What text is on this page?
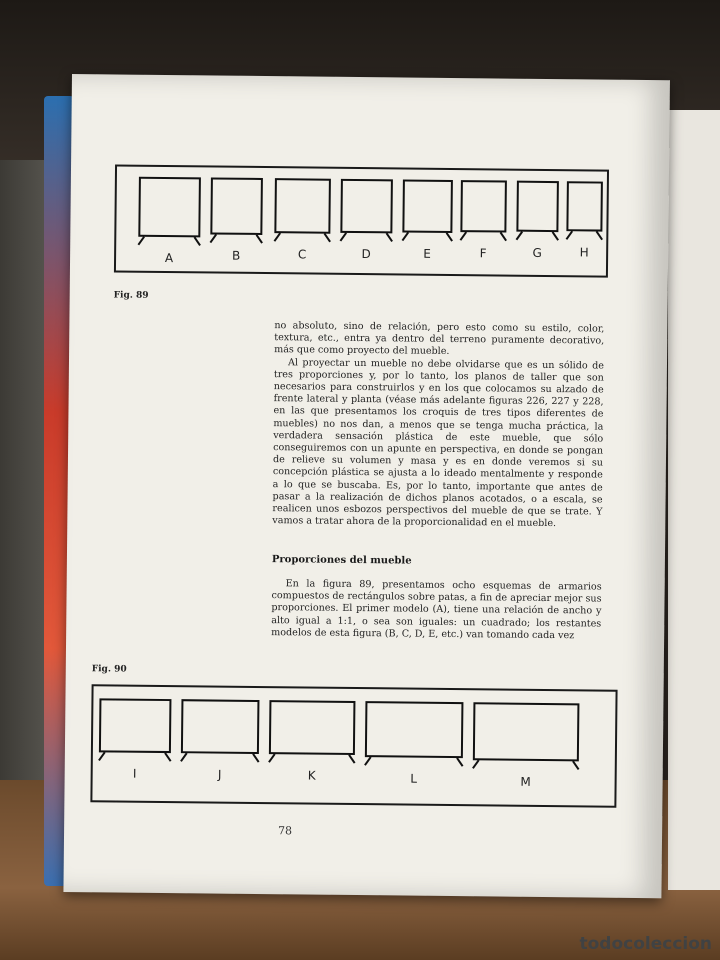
A	B	C	D	E	F	G	H
Fig. 89

no absoluto, sino de relación, pero esto como su estilo, color, textura, etc., entra ya dentro del terreno puramente decorativo, más que como proyecto del mueble.

Al proyectar un mueble no debe olvidarse que es un sólido de tres proporciones y, por lo tanto, los planos de taller que son necesarios para construirlos y en los que colocamos su alzado de frente lateral y planta (véase más adelante figuras 226, 227 y 228, en las que presentamos los croquis de tres tipos diferentes de muebles) no nos dan, a menos que se tenga mucha práctica, la verdadera sensación plástica de este mueble, que sólo conseguiremos con un apunte en perspectiva, en donde se pongan de relieve su volumen y masa y es en donde veremos si su concepción plástica se ajusta a lo ideado mentalmente y responde a lo que se buscaba. Es, por lo tanto, importante que antes de pasar a la realización de dichos planos acotados, o a escala, se realicen unos esbozos perspectivos del mueble de que se trate. Y vamos a tratar ahora de la proporcionalidad en el mueble.

Proporciones del mueble

En la figura 89, presentamos ocho esquemas de armarios compuestos de rectángulos sobre patas, a fin de apreciar mejor sus proporciones. El primer modelo (A), tiene una relación de ancho y alto igual a 1:1, o sea son iguales: un cuadrado; los restantes modelos de esta figura (B, C, D, E, etc.) van tomando cada vez

Fig. 90
I	J	K	L	M
78
todocoleccion
